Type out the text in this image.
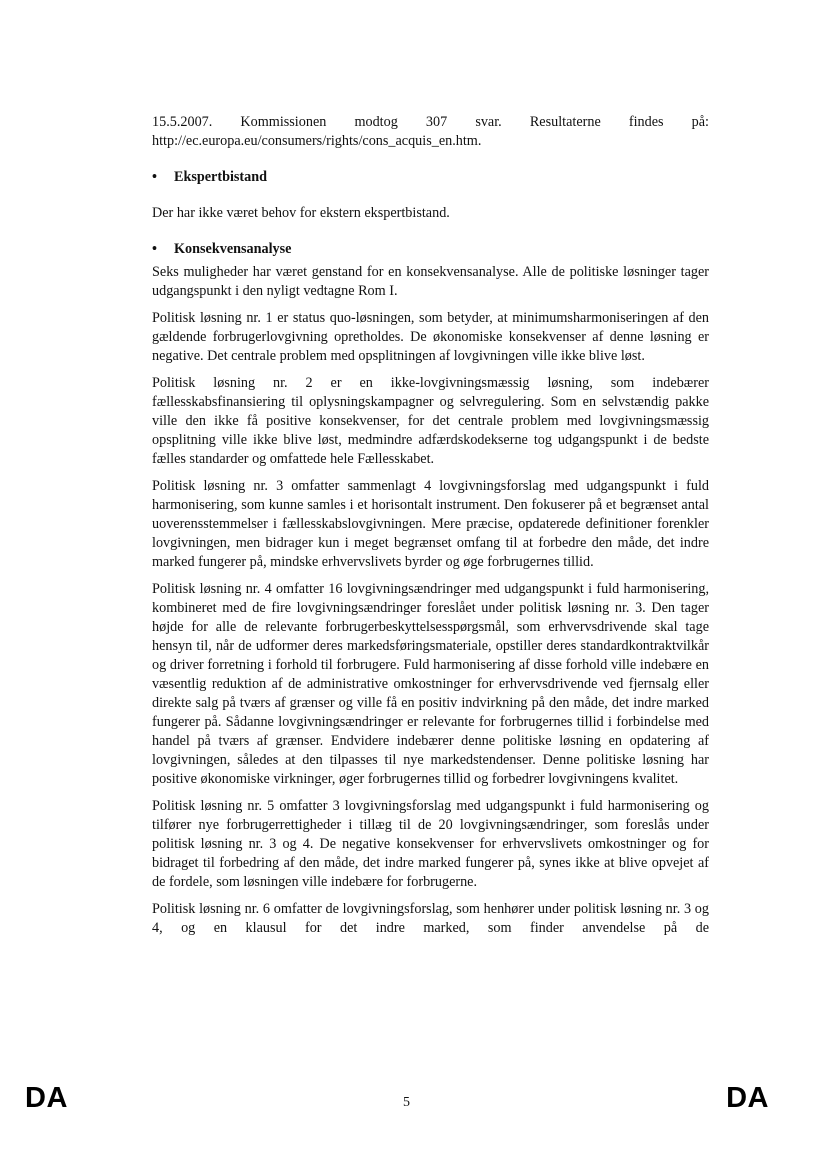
15.5.2007. Kommissionen modtog 307 svar. Resultaterne findes på:

http://ec.europa.eu/consumers/rights/cons_acquis_en.htm.

•	Ekspertbistand

Der har ikke været behov for ekstern ekspertbistand.

•	Konsekvensanalyse

Seks muligheder har været genstand for en konsekvensanalyse. Alle de politiske løsninger tager udgangspunkt i den nyligt vedtagne Rom I.

Politisk løsning nr. 1 er status quo-løsningen, som betyder, at minimumsharmoniseringen af den gældende forbrugerlovgivning opretholdes. De økonomiske konsekvenser af denne løsning er negative. Det centrale problem med opsplitningen af lovgivningen ville ikke blive løst.

Politisk løsning nr. 2 er en ikke-lovgivningsmæssig løsning, som indebærer fællesskabsfinansiering til oplysningskampagner og selvregulering. Som en selvstændig pakke ville den ikke få positive konsekvenser, for det centrale problem med lovgivningsmæssig opsplitning ville ikke blive løst, medmindre adfærdskodekserne tog udgangspunkt i de bedste fælles standarder og omfattede hele Fællesskabet.

Politisk løsning nr. 3 omfatter sammenlagt 4 lovgivningsforslag med udgangspunkt i fuld harmonisering, som kunne samles i et horisontalt instrument. Den fokuserer på et begrænset antal uoverensstemmelser i fællesskabslovgivningen. Mere præcise, opdaterede definitioner forenkler lovgivningen, men bidrager kun i meget begrænset omfang til at forbedre den måde, det indre marked fungerer på, mindske erhvervslivets byrder og øge forbrugernes tillid.

Politisk løsning nr. 4 omfatter 16 lovgivningsændringer med udgangspunkt i fuld harmonisering, kombineret med de fire lovgivningsændringer foreslået under politisk løsning nr. 3. Den tager højde for alle de relevante forbrugerbeskyttelsesspørgsmål, som erhvervsdrivende skal tage hensyn til, når de udformer deres markedsføringsmateriale, opstiller deres standardkontraktvilkår og driver forretning i forhold til forbrugere. Fuld harmonisering af disse forhold ville indebære en væsentlig reduktion af de administrative omkostninger for erhvervsdrivende ved fjernsalg eller direkte salg på tværs af grænser og ville få en positiv indvirkning på den måde, det indre marked fungerer på. Sådanne lovgivningsændringer er relevante for forbrugernes tillid i forbindelse med handel på tværs af grænser. Endvidere indebærer denne politiske løsning en opdatering af lovgivningen, således at den tilpasses til nye markedstendenser. Denne politiske løsning har positive økonomiske virkninger, øger forbrugernes tillid og forbedrer lovgivningens kvalitet.

Politisk løsning nr. 5 omfatter 3 lovgivningsforslag med udgangspunkt i fuld harmonisering og tilfører nye forbrugerrettigheder i tillæg til de 20 lovgivningsændringer, som foreslås under politisk løsning nr. 3 og 4. De negative konsekvenser for erhvervslivets omkostninger og for bidraget til forbedring af den måde, det indre marked fungerer på, synes ikke at blive opvejet af de fordele, som løsningen ville indebære for forbrugerne.

Politisk løsning nr. 6 omfatter de lovgivningsforslag, som henhører under politisk løsning nr. 3 og 4, og en klausul for det indre marked, som finder anvendelse på de

DA	5	DA
